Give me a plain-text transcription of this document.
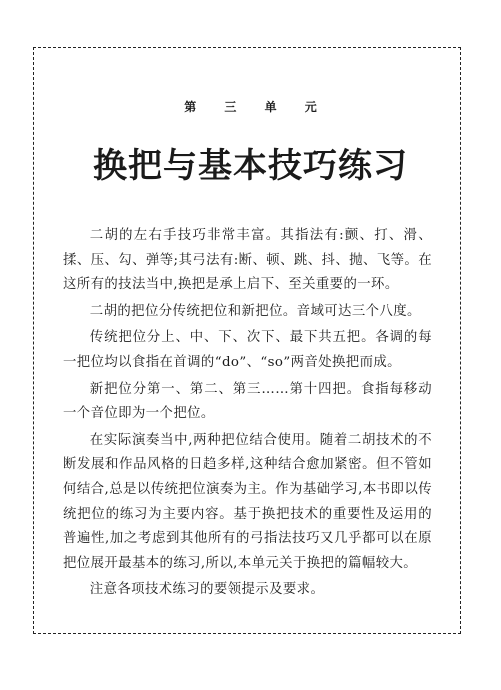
第 三 单 元
换把与基本技巧练习

二胡的左右手技巧非常丰富。其指法有:颤、打、滑、揉、压、勾、弹等;其弓法有:断、顿、跳、抖、抛、飞等。在这所有的技法当中,换把是承上启下、至关重要的一环。

二胡的把位分传统把位和新把位。音域可达三个八度。

传统把位分上、中、下、次下、最下共五把。各调的每一把位均以食指在首调的“do”、“so”两音处换把而成。

新把位分第一、第二、第三……第十四把。食指每移动一个音位即为一个把位。

在实际演奏当中,两种把位结合使用。随着二胡技术的不断发展和作品风格的日趋多样,这种结合愈加紧密。但不管如何结合,总是以传统把位演奏为主。作为基础学习,本书即以传统把位的练习为主要内容。基于换把技术的重要性及运用的普遍性,加之考虑到其他所有的弓指法技巧又几乎都可以在原把位展开最基本的练习,所以,本单元关于换把的篇幅较大。

注意各项技术练习的要领提示及要求。
